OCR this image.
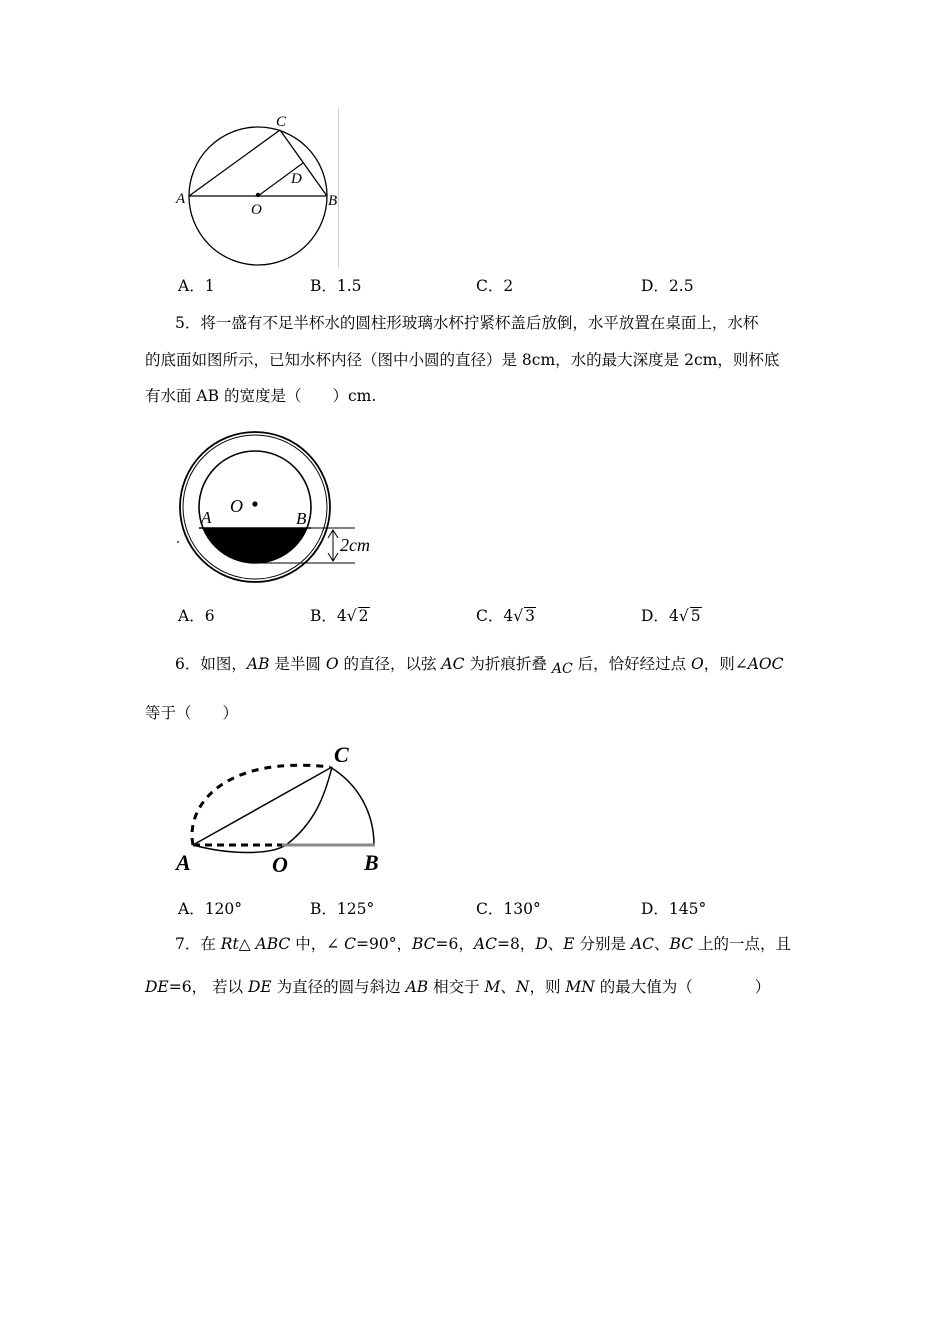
A	B
C
D
O
A．1	B．1.5	C．2	D．2.5
5．将一盛有不足半杯水的圆柱形玻璃水杯拧紧杯盖后放倒，水平放置在桌面上，水杯
的底面如图所示，已知水杯内径（图中小圆的直径）是 8cm，水的最大深度是 2cm，则杯底
有水面 AB 的宽度是（　　）cm.
A	B
O
2cm
A．6	B．4√ 2	C．4√ 3	D．4√ 5
6．如图，AB 是半圆 O 的直径，以弦 AC 为折痕折叠 AC 后，恰好经过点 O，则∠AOC
等于（　　）
A	O	B
C
A．120°	B．125°	C．130°	D．145°
7．在 Rt△ ABC 中，∠ C=90°，BC=6，AC=8，D、E 分别是 AC、BC 上的一点，且
DE=6， 若以 DE 为直径的圆与斜边 AB 相交于 M、N，则 MN 的最大值为（　　　　）
